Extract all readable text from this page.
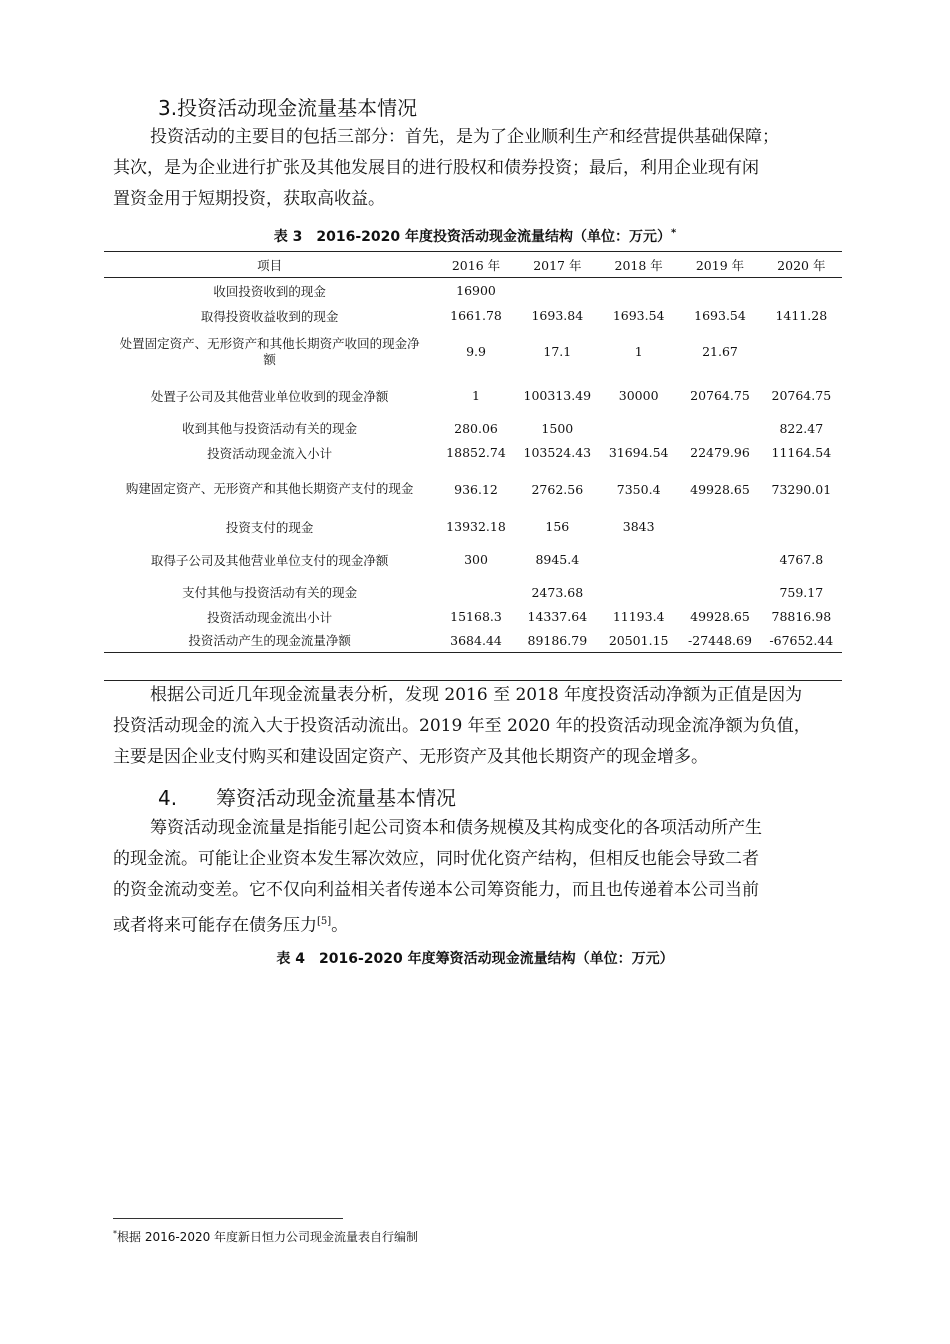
3.投资活动现金流量基本情况
投资活动的主要目的包括三部分：首先，是为了企业顺利生产和经营提供基础保障；
其次，是为企业进行扩张及其他发展目的进行股权和债券投资；最后，利用企业现有闲
置资金用于短期投资，获取高收益。
表 3　2016-2020 年度投资活动现金流量结构（单位：万元）*
项目	2016 年	2017 年	2018 年	2019 年	2020 年
收回投资收到的现金	16900				
取得投资收益收到的现金	1661.78	1693.84	1693.54	1693.54	1411.28
处置固定资产、无形资产和其他长期资产收回的现金净额	9.9	17.1	1	21.67	
处置子公司及其他营业单位收到的现金净额	1	100313.49	30000	20764.75	20764.75
收到其他与投资活动有关的现金	280.06	1500			822.47
投资活动现金流入小计	18852.74	103524.43	31694.54	22479.96	11164.54
购建固定资产、无形资产和其他长期资产支付的现金	936.12	2762.56	7350.4	49928.65	73290.01
投资支付的现金	13932.18	156	3843		
取得子公司及其他营业单位支付的现金净额	300	8945.4			4767.8
支付其他与投资活动有关的现金		2473.68			759.17
投资活动现金流出小计	15168.3	14337.64	11193.4	49928.65	78816.98
投资活动产生的现金流量净额	3684.44	89186.79	20501.15	-27448.69	-67652.44
根据公司近几年现金流量表分析，发现 2016 至 2018 年度投资活动净额为正值是因为
投资活动现金的流入大于投资活动流出。2019 年至 2020 年的投资活动现金流净额为负值，
主要是因企业支付购买和建设固定资产、无形资产及其他长期资产的现金增多。
4. 筹资活动现金流量基本情况
筹资活动现金流量是指能引起公司资本和债务规模及其构成变化的各项活动所产生
的现金流。可能让企业资本发生幂次效应，同时优化资产结构，但相反也能会导致二者
的资金流动变差。它不仅向利益相关者传递本公司筹资能力，而且也传递着本公司当前
或者将来可能存在债务压力[5]。
表 4　2016-2020 年度筹资活动现金流量结构（单位：万元）
*根据 2016-2020 年度新日恒力公司现金流量表自行编制
